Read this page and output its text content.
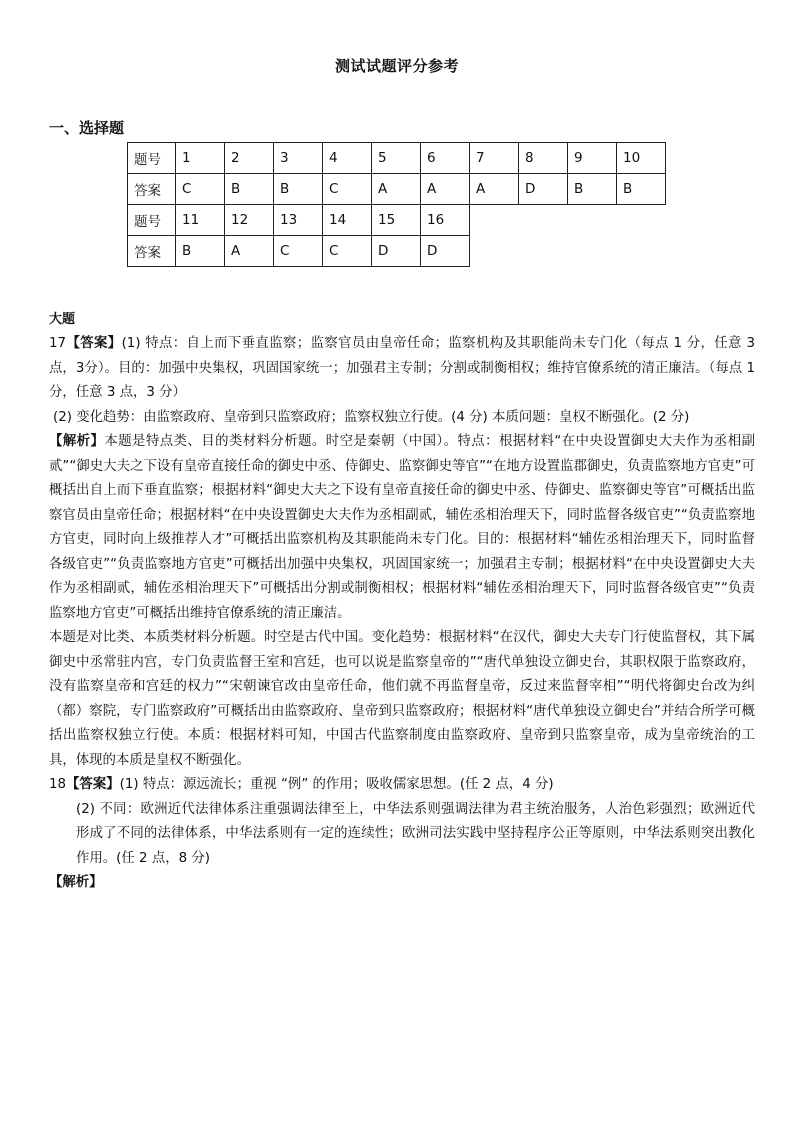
测试试题评分参考
一、选择题
题号	1	2	3	4	5	6	7	8	9	10
答案	C	B	B	C	A	A	A	D	B	B
题号	11	12	13	14	15	16				
答案	B	A	C	C	D	D				
大题

17【答案】(1) 特点：自上而下垂直监察；监察官员由皇帝任命；监察机构及其职能尚未专门化（每点 1 分，任意 3 点，3分）。目的：加强中央集权，巩固国家统一；加强君主专制；分割或制衡相权；维持官僚系统的清正廉洁。（每点 1分，任意 3 点，3 分）

(2) 变化趋势：由监察政府、皇帝到只监察政府；监察权独立行使。(4 分) 本质问题：皇权不断强化。(2 分)

【解析】本题是特点类、目的类材料分析题。时空是秦朝（中国）。特点：根据材料“在中央设置御史大夫作为丞相副贰”“御史大夫之下设有皇帝直接任命的御史中丞、侍御史、监察御史等官”“在地方设置监郡御史，负责监察地方官吏”可概括出自上而下垂直监察；根据材料“御史大夫之下设有皇帝直接任命的御史中丞、侍御史、监察御史等官”可概括出监察官员由皇帝任命；根据材料“在中央设置御史大夫作为丞相副贰，辅佐丞相治理天下，同时监督各级官吏”“负责监察地方官吏，同时向上级推荐人才”可概括出监察机构及其职能尚未专门化。目的：根据材料“辅佐丞相治理天下，同时监督各级官吏”“负责监察地方官吏”可概括出加强中央集权，巩固国家统一；加强君主专制；根据材料“在中央设置御史大夫作为丞相副贰，辅佐丞相治理天下”可概括出分割或制衡相权；根据材料“辅佐丞相治理天下，同时监督各级官吏”“负责监察地方官吏”可概括出维持官僚系统的清正廉洁。

本题是对比类、本质类材料分析题。时空是古代中国。变化趋势：根据材料“在汉代，御史大夫专门行使监督权，其下属御史中丞常驻内宫，专门负责监督王室和宫廷，也可以说是监察皇帝的”“唐代单独设立御史台，其职权限于监察政府，没有监察皇帝和宫廷的权力”“宋朝谏官改由皇帝任命，他们就不再监督皇帝，反过来监督宰相”“明代将御史台改为纠（都）察院，专门监察政府”可概括出由监察政府、皇帝到只监察政府；根据材料“唐代单独设立御史台”并结合所学可概括出监察权独立行使。本质：根据材料可知，中国古代监察制度由监察政府、皇帝到只监察皇帝，成为皇帝统治的工具，体现的本质是皇权不断强化。

18【答案】(1) 特点：源远流长；重视 “例” 的作用；吸收儒家思想。(任 2 点，4 分)

(2) 不同：欧洲近代法律体系注重强调法律至上，中华法系则强调法律为君主统治服务，人治色彩强烈；欧洲近代形成了不同的法律体系，中华法系则有一定的连续性；欧洲司法实践中坚持程序公正等原则，中华法系则突出教化作用。(任 2 点，8 分)

【解析】
